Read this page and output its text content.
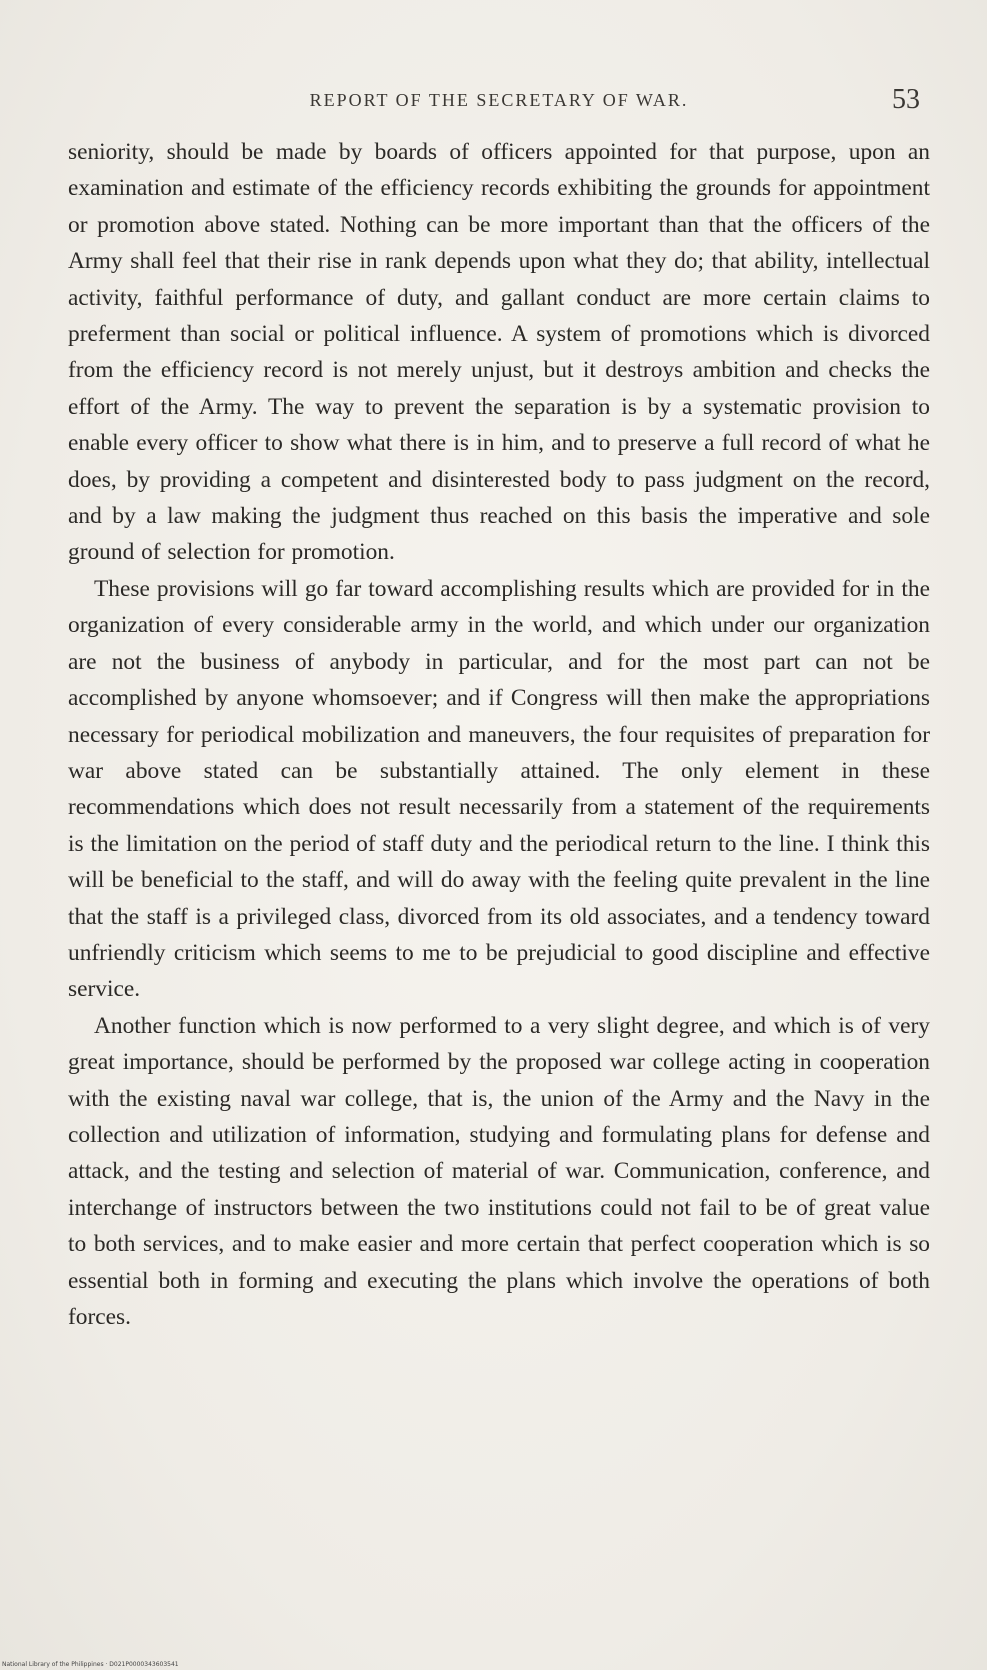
REPORT OF THE SECRETARY OF WAR.	53

seniority, should be made by boards of officers appointed for that purpose, upon an examination and estimate of the efficiency records exhibiting the grounds for appointment or promotion above stated. Nothing can be more important than that the officers of the Army shall feel that their rise in rank depends upon what they do; that ability, intellectual activity, faithful performance of duty, and gallant conduct are more certain claims to preferment than social or political influence. A system of promotions which is divorced from the efficiency record is not merely unjust, but it destroys ambition and checks the effort of the Army. The way to prevent the separation is by a systematic provision to enable every officer to show what there is in him, and to preserve a full record of what he does, by providing a competent and disinterested body to pass judgment on the record, and by a law making the judgment thus reached on this basis the imperative and sole ground of selection for promotion.

These provisions will go far toward accomplishing results which are provided for in the organization of every considerable army in the world, and which under our organization are not the business of anybody in particular, and for the most part can not be accomplished by anyone whomsoever; and if Congress will then make the appropriations necessary for periodical mobilization and maneuvers, the four requisites of preparation for war above stated can be substantially attained. The only element in these recommendations which does not result necessarily from a statement of the requirements is the limitation on the period of staff duty and the periodical return to the line. I think this will be beneficial to the staff, and will do away with the feeling quite prevalent in the line that the staff is a privileged class, divorced from its old associates, and a tendency toward unfriendly criticism which seems to me to be prejudicial to good discipline and effective service.

Another function which is now performed to a very slight degree, and which is of very great importance, should be performed by the proposed war college acting in cooperation with the existing naval war college, that is, the union of the Army and the Navy in the collection and utilization of information, studying and formulating plans for defense and attack, and the testing and selection of material of war. Communication, conference, and interchange of instructors between the two institutions could not fail to be of great value to both services, and to make easier and more certain that perfect cooperation which is so essential both in forming and executing the plans which involve the operations of both forces.

National Library of the Philippines · D021P0000343603541
